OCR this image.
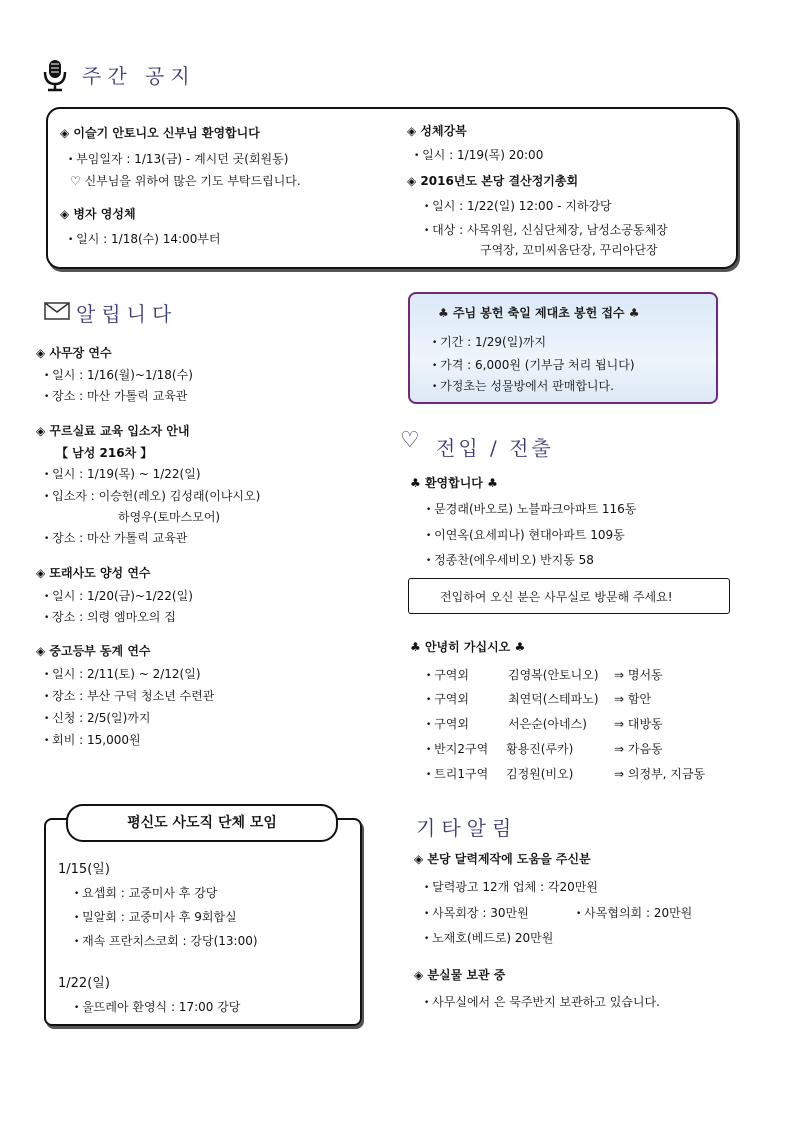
주간 공지
◈ 이슬기 안토니오 신부님 환영합니다
• 부임일자 : 1/13(금) - 계시던 곳(회원동)
♡ 신부님을 위하여 많은 기도 부탁드립니다.
◈ 병자 영성체
• 일시 : 1/18(수) 14:00부터
◈ 성체강복
• 일시 : 1/19(목) 20:00
◈ 2016년도 본당 결산정기총회
• 일시 : 1/22(일) 12:00 - 지하강당
• 대상 : 사목위원, 신심단체장, 남성소공동체장
구역장, 꼬미씨움단장, 꾸리아단장
알립니다
◈ 사무장 연수
• 일시 : 1/16(월)~1/18(수)
• 장소 : 마산 가톨릭 교육관
◈ 꾸르실료 교육 입소자 안내
【 남성 216차 】
• 일시 : 1/19(목) ~ 1/22(일)
• 입소자 : 이승헌(레오) 김성래(이냐시오)
하영우(토마스모어)
• 장소 : 마산 가톨릭 교육관
◈ 또래사도 양성 연수
• 일시 : 1/20(금)~1/22(일)
• 장소 : 의령 엠마오의 집
◈ 중고등부 동계 연수
• 일시 : 2/11(토) ~ 2/12(일)
• 장소 : 부산 구덕 청소년 수련관
• 신청 : 2/5(일)까지
• 회비 : 15,000원
♣ 주님 봉헌 축일 제대초 봉헌 접수 ♣
• 기간 : 1/29(일)까지
• 가격 : 6,000원 (기부금 처리 됩니다)
• 가정초는 성물방에서 판매합니다.
♡ 전입 / 전출
♣ 환영합니다 ♣
• 문경래(바오로) 노블파크아파트 116동
• 이연옥(요세피나) 현대아파트 109동
• 정종찬(에우세비오) 반지동 58
전입하여 오신 분은 사무실로 방문해 주세요!
♣ 안녕히 가십시오 ♣
• 구역외	김영복(안토니오) ⇒ 명서동
• 구역외	최연덕(스테파노) ⇒ 함안
• 구역외	서은순(아네스) ⇒ 대방동
• 반지2구역 황용진(루카)	⇒ 가음동
• 트리1구역 김정원(비오)	⇒ 의정부, 지금동
평신도 사도직 단체 모임
1/15(일)
• 요셉회 : 교중미사 후 강당
• 밀알회 : 교중미사 후 9회합실
• 재속 프란치스코회 : 강당(13:00)
1/22(일)
• 울뜨레아 환영식 : 17:00 강당
기타알림
◈ 본당 달력제작에 도움을 주신분
• 달력광고 12개 업체 : 각20만원
• 사목회장 : 30만원
•	사목협의회 : 20만원
• 노재호(베드로) 20만원
◈ 분실물 보관 중
• 사무실에서 은 묵주반지 보관하고 있습니다.
